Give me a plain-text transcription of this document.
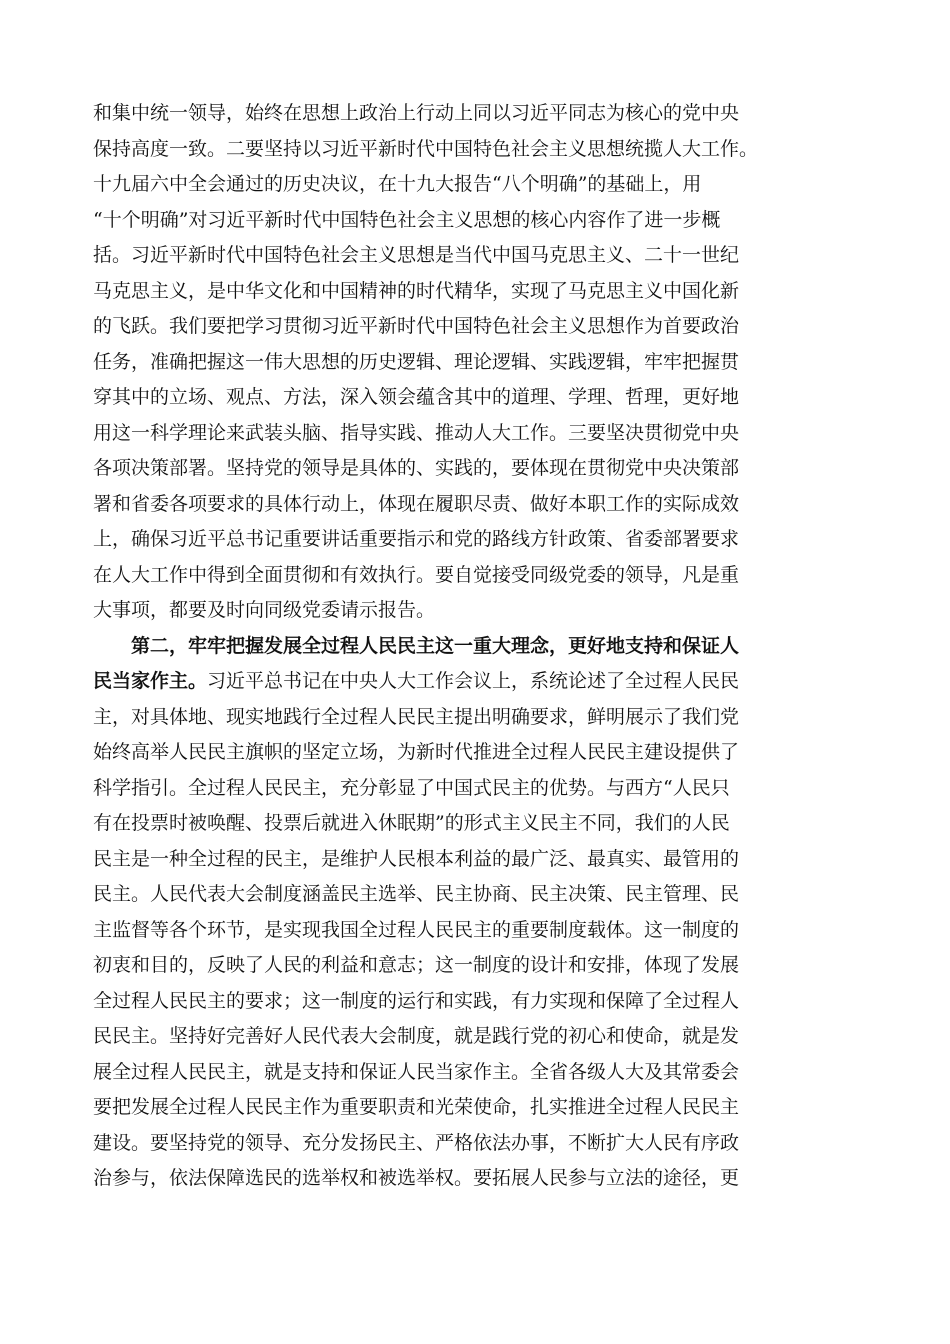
和集中统一领导，始终在思想上政治上行动上同以习近平同志为核心的党中央
保持高度一致。二要坚持以习近平新时代中国特色社会主义思想统揽人大工作。
十九届六中全会通过的历史决议，在十九大报告“八个明确”的基础上，用
“十个明确”对习近平新时代中国特色社会主义思想的核心内容作了进一步概
括。习近平新时代中国特色社会主义思想是当代中国马克思主义、二十一世纪
马克思主义，是中华文化和中国精神的时代精华，实现了马克思主义中国化新
的飞跃。我们要把学习贯彻习近平新时代中国特色社会主义思想作为首要政治
任务，准确把握这一伟大思想的历史逻辑、理论逻辑、实践逻辑，牢牢把握贯
穿其中的立场、观点、方法，深入领会蕴含其中的道理、学理、哲理，更好地
用这一科学理论来武装头脑、指导实践、推动人大工作。三要坚决贯彻党中央
各项决策部署。坚持党的领导是具体的、实践的，要体现在贯彻党中央决策部
署和省委各项要求的具体行动上，体现在履职尽责、做好本职工作的实际成效
上，确保习近平总书记重要讲话重要指示和党的路线方针政策、省委部署要求
在人大工作中得到全面贯彻和有效执行。要自觉接受同级党委的领导，凡是重
大事项，都要及时向同级党委请示报告。
第二，牢牢把握发展全过程人民民主这一重大理念，更好地支持和保证人
民当家作主。习近平总书记在中央人大工作会议上，系统论述了全过程人民民
主，对具体地、现实地践行全过程人民民主提出明确要求，鲜明展示了我们党
始终高举人民民主旗帜的坚定立场，为新时代推进全过程人民民主建设提供了
科学指引。全过程人民民主，充分彰显了中国式民主的优势。与西方“人民只
有在投票时被唤醒、投票后就进入休眠期”的形式主义民主不同，我们的人民
民主是一种全过程的民主，是维护人民根本利益的最广泛、最真实、最管用的
民主。人民代表大会制度涵盖民主选举、民主协商、民主决策、民主管理、民
主监督等各个环节，是实现我国全过程人民民主的重要制度载体。这一制度的
初衷和目的，反映了人民的利益和意志；这一制度的设计和安排，体现了发展
全过程人民民主的要求；这一制度的运行和实践，有力实现和保障了全过程人
民民主。坚持好完善好人民代表大会制度，就是践行党的初心和使命，就是发
展全过程人民民主，就是支持和保证人民当家作主。全省各级人大及其常委会
要把发展全过程人民民主作为重要职责和光荣使命，扎实推进全过程人民民主
建设。要坚持党的领导、充分发扬民主、严格依法办事，不断扩大人民有序政
治参与，依法保障选民的选举权和被选举权。要拓展人民参与立法的途径，更
